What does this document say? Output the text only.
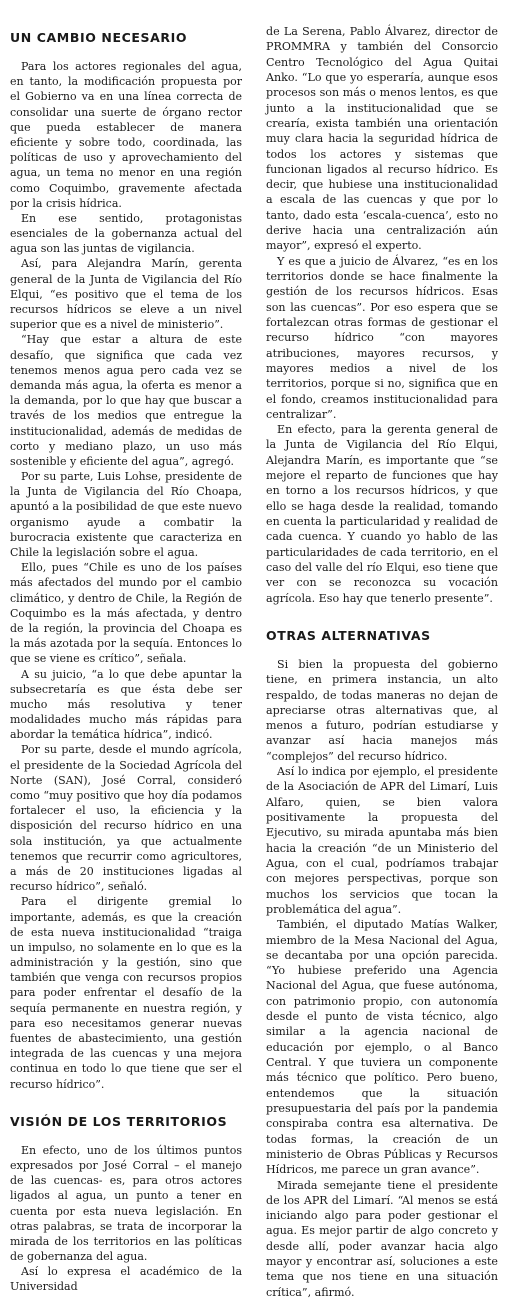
UN CAMBIO NECESARIO

Para los actores regionales del agua, en tanto, la modificación propuesta por el Gobierno va en una línea correcta de consolidar una suerte de órgano rector que pueda establecer de manera eficiente y sobre todo, coordinada, las políticas de uso y aprovechamiento del agua, un tema no menor en una región como Coquimbo, gravemente afectada por la crisis hídrica.

En ese sentido, protagonistas esenciales de la gobernanza actual del agua son las juntas de vigilancia.

Así, para Alejandra Marín, gerenta general de la Junta de Vigilancia del Río Elqui, “es positivo que el tema de los recursos hídricos se eleve a un nivel superior que es a nivel de ministerio”.

“Hay que estar a altura de este desafío, que significa que cada vez tenemos menos agua pero cada vez se demanda más agua, la oferta es menor a la demanda, por lo que hay que buscar a través de los medios que entregue la institucionalidad, además de medidas de corto y mediano plazo, un uso más sostenible y eficiente del agua”, agregó.

Por su parte, Luis Lohse, presidente de la Junta de Vigilancia del Río Choapa, apuntó a la posibilidad de que este nuevo organismo ayude a combatir la burocracia existente que caracteriza en Chile la legislación sobre el agua.

Ello, pues “Chile es uno de los países más afectados del mundo por el cambio climático, y dentro de Chile, la Región de Coquimbo es la más afectada, y dentro de la región, la provincia del Choapa es la más azotada por la sequía. Entonces lo que se viene es crítico”, señala.

A su juicio, “a lo que debe apuntar la subsecretaría es que ésta debe ser mucho más resolutiva y tener modalidades mucho más rápidas para abordar la temática hídrica”, indicó.

Por su parte, desde el mundo agrícola, el presidente de la Sociedad Agrícola del Norte (SAN), José Corral, consideró como “muy positivo que hoy día podamos fortalecer el uso, la eficiencia y la disposición del recurso hídrico en una sola institución, ya que actualmente tenemos que recurrir como agricultores, a más de 20 instituciones ligadas al recurso hídrico”, señaló.

Para el dirigente gremial lo importante, además, es que la creación de esta nueva institucionalidad “traiga un impulso, no solamente en lo que es la administración y la gestión, sino que también que venga con recursos propios para poder enfrentar el desafío de la sequía permanente en nuestra región, y para eso necesitamos generar nuevas fuentes de abastecimiento, una gestión integrada de las cuencas y una mejora continua en todo lo que tiene que ser el recurso hídrico”.

VISIÓN DE LOS TERRITORIOS

En efecto, uno de los últimos puntos expresados por José Corral – el manejo de las cuencas- es, para otros actores ligados al agua, un punto a tener en cuenta por esta nueva legislación. En otras palabras, se trata de incorporar la mirada de los territorios en las políticas de gobernanza del agua.

Así lo expresa el académico de la Universidad

de La Serena, Pablo Álvarez, director de PROMMRA y también del Consorcio Centro Tecnológico del Agua Quitai Anko. “Lo que yo esperaría, aunque esos procesos son más o menos lentos, es que junto a la institucionalidad que se crearía, exista también una orientación muy clara hacia la seguridad hídrica de todos los actores y sistemas que funcionan ligados al recurso hídrico. Es decir, que hubiese una institucionalidad a escala de las cuencas y que por lo tanto, dado esta ‘escala-cuenca’, esto no derive hacia una centralización aún mayor”, expresó el experto.

Y es que a juicio de Álvarez, “es en los territorios donde se hace finalmente la gestión de los recursos hídricos. Esas son las cuencas”. Por eso espera que se fortalezcan otras formas de gestionar el recurso hídrico “con mayores atribuciones, mayores recursos, y mayores medios a nivel de los territorios, porque si no, significa que en el fondo, creamos institucionalidad para centralizar”.

En efecto, para la gerenta general de la Junta de Vigilancia del Río Elqui, Alejandra Marín, es importante que “se mejore el reparto de funciones que hay en torno a los recursos hídricos, y que ello se haga desde la realidad, tomando en cuenta la particularidad y realidad de cada cuenca. Y cuando yo hablo de las particularidades de cada territorio, en el caso del valle del río Elqui, eso tiene que ver con se reconozca su vocación agrícola. Eso hay que tenerlo presente”.

OTRAS ALTERNATIVAS

Si bien la propuesta del gobierno tiene, en primera instancia, un alto respaldo, de todas maneras no dejan de apreciarse otras alternativas que, al menos a futuro, podrían estudiarse y avanzar así hacia manejos más “complejos” del recurso hídrico.

Así lo indica por ejemplo, el presidente de la Asociación de APR del Limarí, Luis Alfaro, quien, se bien valora positivamente la propuesta del Ejecutivo, su mirada apuntaba más bien hacia la creación “de un Ministerio del Agua, con el cual, podríamos trabajar con mejores perspectivas, porque son muchos los servicios que tocan la problemática del agua”.

También, el diputado Matías Walker, miembro de la Mesa Nacional del Agua, se decantaba por una opción parecida. “Yo hubiese preferido una Agencia Nacional del Agua, que fuese autónoma, con patrimonio propio, con autonomía desde el punto de vista técnico, algo similar a la agencia nacional de educación por ejemplo, o al Banco Central. Y que tuviera un componente más técnico que político. Pero bueno, entendemos que la situación presupuestaria del país por la pandemia conspiraba contra esa alternativa. De todas formas, la creación de un ministerio de Obras Públicas y Recursos Hídricos, me parece un gran avance”.

Mirada semejante tiene el presidente de los APR del Limarí. “Al menos se está iniciando algo para poder gestionar el agua. Es mejor partir de algo concreto y desde allí, poder avanzar hacia algo mayor y encontrar así, soluciones a este tema que nos tiene en una situación crítica”, afirmó.
